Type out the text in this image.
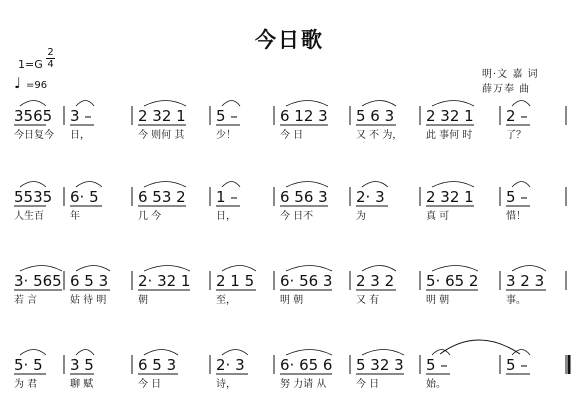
今日歌
1=G
2
4
♩ =96
明·文 嘉 词
薛万奉 曲
3565
今日复今
3 –
日，
2 32 1
今 则何 其
5 –
少！
6 12 3
今 日
5 6 3
又 不 为，
2 32 1
此 事何 时
2 –
了？
5535
人生百
6· 5
年
6 53 2
几 今
1 –
日，
6 56 3
今 日不
2· 3
为
2 32 1
真 可
5 –
惜！
3· 565
若 言
6 5 3
姑 待 明
2· 32 1
朝
2 1 5
至，
6· 56 3
明 朝
2 3 2
又 有
5· 65 2
明 朝
3 2 3
事。
5· 5
为 君
3 5
聊 赋
6 5 3
今 日
2· 3
诗，
6· 65 6
努 力请 从
5 32 3
今 日
5 –
始。
5 –
